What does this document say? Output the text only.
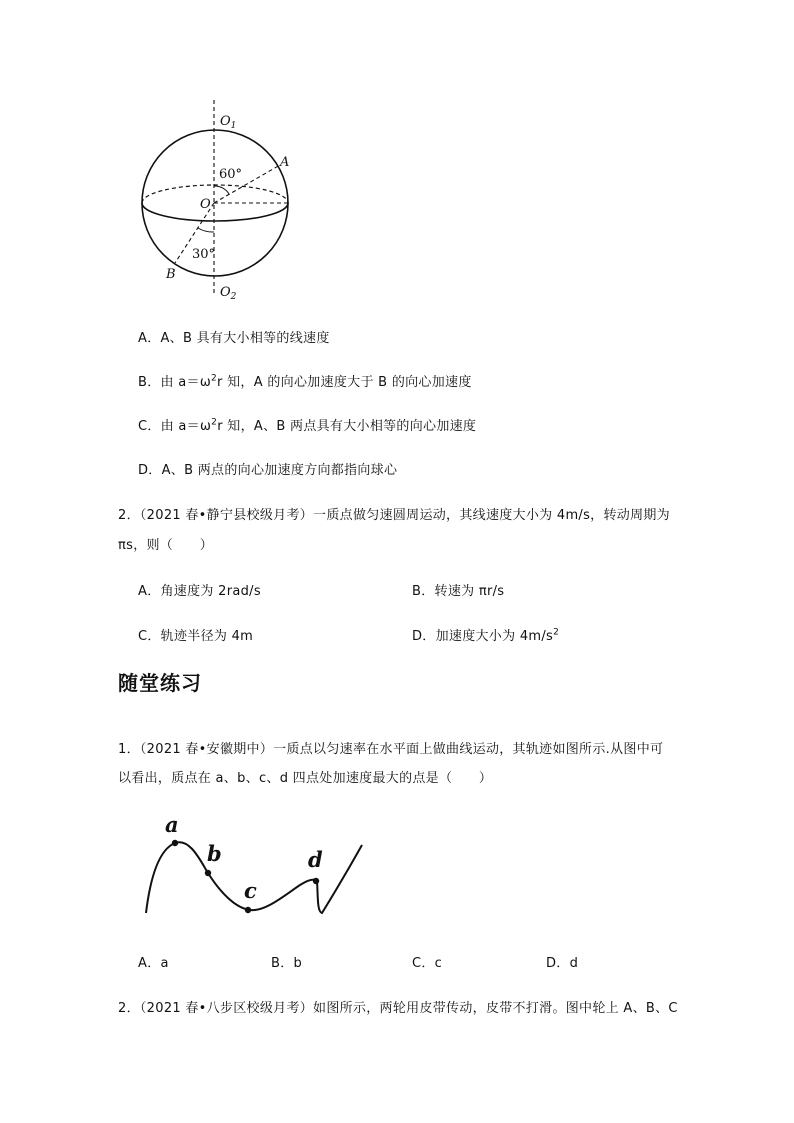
$O_1$
A
60°
O
30°
B
$O_2$
A．A、B 具有大小相等的线速度
B．由 $a=\omega^2r$ 知，A 的向心加速度大于 B 的向心加速度
C．由 $a=\omega^2r$ 知，A、B 两点具有大小相等的向心加速度
D．A、B 两点的向心加速度方向都指向球心
2．（2021 春•静宁县校级月考）一质点做匀速圆周运动，其线速度大小为 4m/s，转动周期为
πs，则（　　）
A．角速度为 2rad/s	B．转速为 πr/s
C．轨迹半径为 4m	D．加速度大小为 $4m/s^2$
随堂练习
1．（2021 春•安徽期中）一质点以匀速率在水平面上做曲线运动，其轨迹如图所示.从图中可
以看出，质点在 a、b、c、d 四点处加速度最大的点是（　　）
a
b
c
d
A．a	B．b	C．c	D．d
2．（2021 春•八步区校级月考）如图所示，两轮用皮带传动，皮带不打滑。图中轮上 A、B、C
